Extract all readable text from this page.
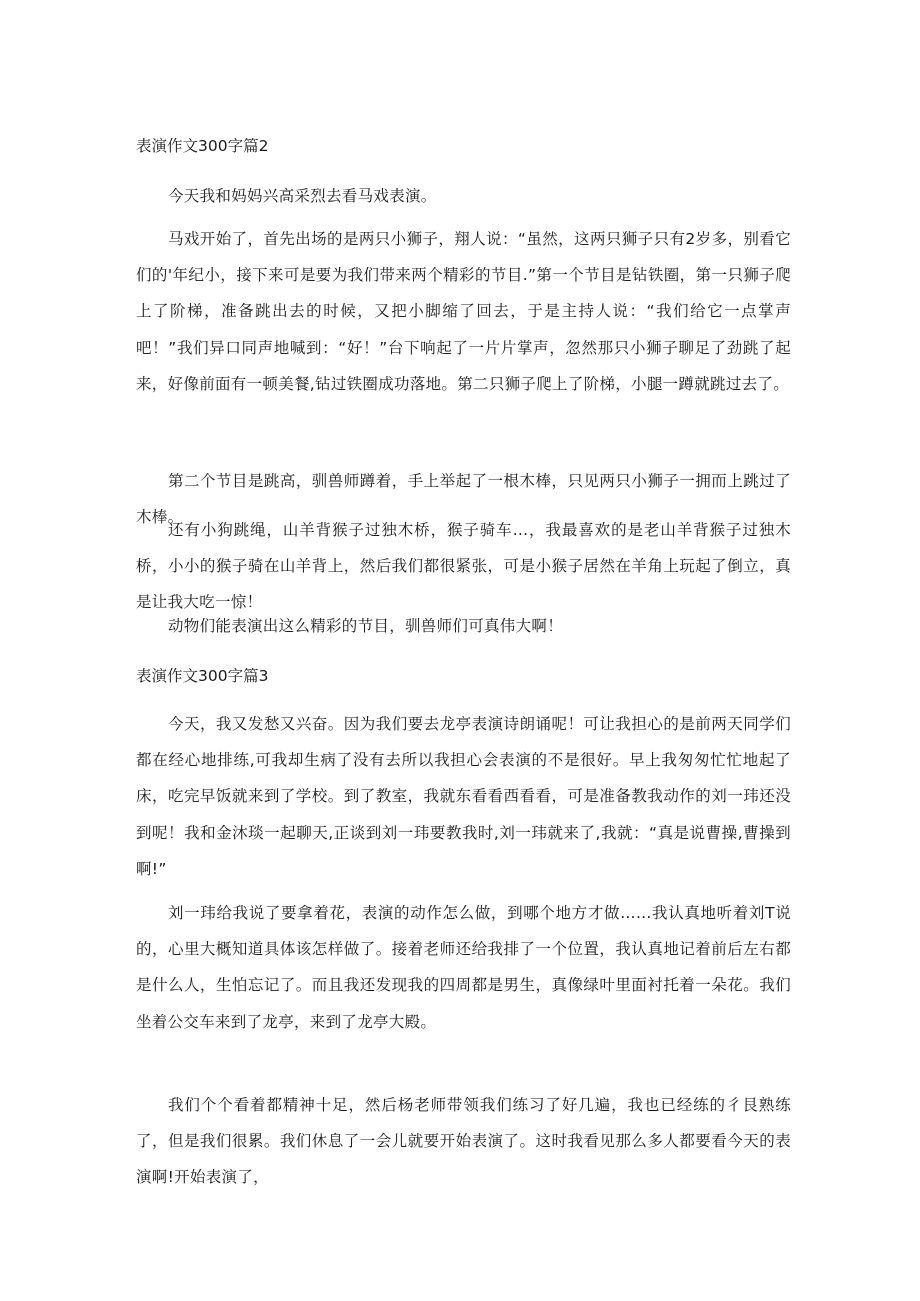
表演作文300字篇2

今天我和妈妈兴高采烈去看马戏表演。

马戏开始了，首先出场的是两只小狮子，翔人说：“虽然，这两只狮子只有2岁多，别看它们的'年纪小，接下来可是要为我们带来两个精彩的节目.”第一个节目是钻铁圈，第一只狮子爬上了阶梯，准备跳出去的时候，又把小脚缩了回去，于是主持人说：“我们给它一点掌声吧！”我们异口同声地喊到：“好！”台下响起了一片片掌声，忽然那只小狮子聊足了劲跳了起来，好像前面有一顿美餐,钻过铁圈成功落地。第二只狮子爬上了阶梯，小腿一蹲就跳过去了。

第二个节目是跳高，驯兽师蹲着，手上举起了一根木棒，只见两只小狮子一拥而上跳过了木棒。

还有小狗跳绳，山羊背猴子过独木桥，猴子骑车…，我最喜欢的是老山羊背猴子过独木桥，小小的猴子骑在山羊背上，然后我们都很紧张，可是小猴子居然在羊角上玩起了倒立，真是让我大吃一惊！

动物们能表演出这么精彩的节目，驯兽师们可真伟大啊！

表演作文300字篇3

今天，我又发愁又兴奋。因为我们要去龙亭表演诗朗诵呢！可让我担心的是前两天同学们都在经心地排练,可我却生病了没有去所以我担心会表演的不是很好。早上我匆匆忙忙地起了床，吃完早饭就来到了学校。到了教室，我就东看看西看看，可是准备教我动作的刘一玮还没到呢！我和金沐琰一起聊天,正谈到刘一玮要教我时,刘一玮就来了,我就：“真是说曹操,曹操到啊!”

刘一玮给我说了要拿着花，表演的动作怎么做，到哪个地方才做……我认真地听着刘T说的，心里大概知道具体该怎样做了。接着老师还给我排了一个位置，我认真地记着前后左右都是什么人，生怕忘记了。而且我还发现我的四周都是男生，真像绿叶里面衬托着一朵花。我们坐着公交车来到了龙亭，来到了龙亭大殿。

我们个个看着都精神十足，然后杨老师带领我们练习了好几遍，我也已经练的彳艮熟练了，但是我们很累。我们休息了一会儿就要开始表演了。这时我看见那么多人都要看今天的表演啊!开始表演了，
